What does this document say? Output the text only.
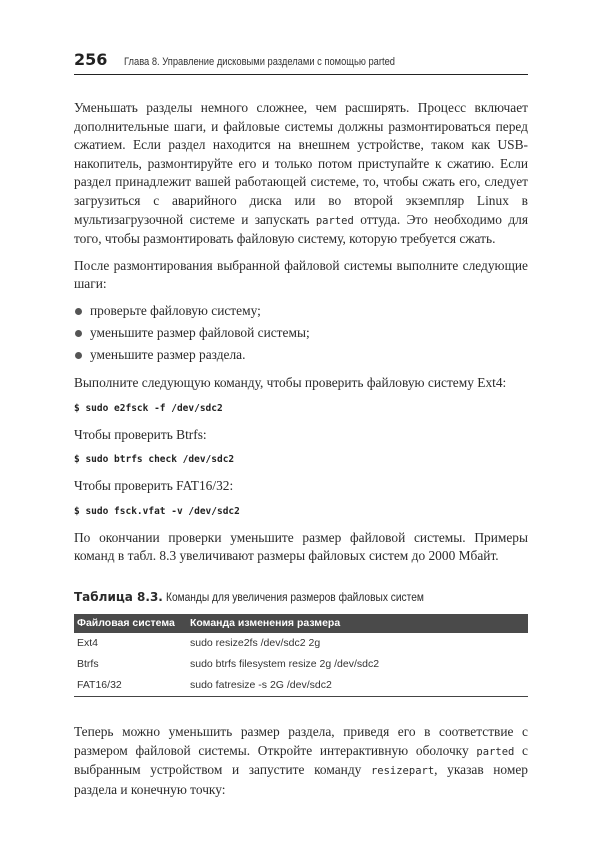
256	Глава 8. Управление дисковыми разделами с помощью parted

Уменьшать разделы немного сложнее, чем расширять. Процесс включает дополнительные шаги, и файловые системы должны размонтироваться перед сжатием. Если раздел находится на внешнем устройстве, таком как USB-накопитель, размонтируйте его и только потом приступайте к сжатию. Если раздел принадлежит вашей работающей системе, то, чтобы сжать его, следует загрузиться с аварийного диска или во второй экземпляр Linux в мультизагрузочной системе и запускать parted оттуда. Это необходимо для того, чтобы размонтировать файловую систему, которую требуется сжать.

После размонтирования выбранной файловой системы выполните следующие шаги:

проверьте файловую систему;
уменьшите размер файловой системы;
уменьшите размер раздела.

Выполните следующую команду, чтобы проверить файловую систему Ext4:

$ sudo e2fsck -f /dev/sdc2

Чтобы проверить Btrfs:

$ sudo btrfs check /dev/sdc2

Чтобы проверить FAT16/32:

$ sudo fsck.vfat -v /dev/sdc2

По окончании проверки уменьшите размер файловой системы. Примеры команд в табл. 8.3 увеличивают размеры файловых систем до 2000 Мбайт.

Таблица 8.3. Команды для увеличения размеров файловых систем
Файловая система	Команда изменения размера
Ext4	sudo resize2fs /dev/sdc2 2g
Btrfs	sudo btrfs filesystem resize 2g /dev/sdc2
FAT16/32	sudo fatresize -s 2G /dev/sdc2

Теперь можно уменьшить размер раздела, приведя его в соответствие с размером файловой системы. Откройте интерактивную оболочку parted с выбранным устройством и запустите команду resizepart, указав номер раздела и конечную точку:
